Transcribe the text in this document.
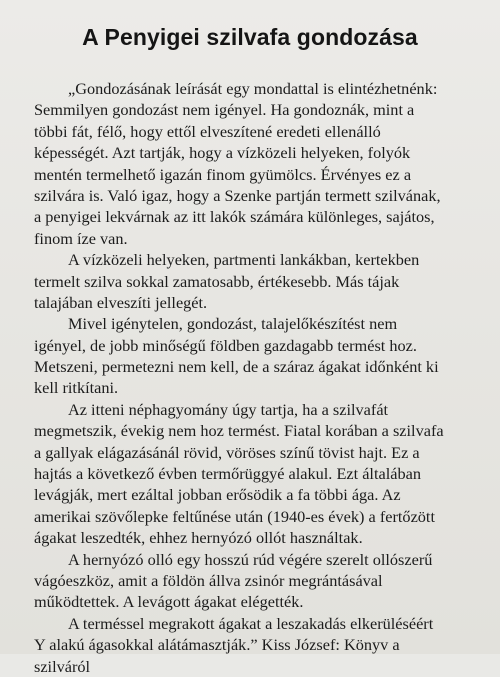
A Penyigei szilvafa gondozása
„Gondozásának leírását egy mondattal is elintézhetnénk:
Semmilyen gondozást nem igényel. Ha gondoznák, mint a
többi fát, félő, hogy ettől elveszítené eredeti ellenálló
képességét. Azt tartják, hogy a vízközeli helyeken, folyók
mentén termelhető igazán finom gyümölcs. Érvényes ez a
szilvára is. Való igaz, hogy a Szenke partján termett szilvának,
a penyigei lekvárnak az itt lakók számára különleges, sajátos,
finom íze van.
A vízközeli helyeken, partmenti lankákban, kertekben
termelt szilva sokkal zamatosabb, értékesebb. Más tájak
talajában elveszíti jellegét.
Mivel igénytelen, gondozást, talajelőkészítést nem
igényel, de jobb minőségű földben gazdagabb termést hoz.
Metszeni, permetezni nem kell, de a száraz ágakat időnként ki
kell ritkítani.
Az itteni néphagyomány úgy tartja, ha a szilvafát
megmetszik, évekig nem hoz termést. Fiatal korában a szilvafa
a gallyak elágazásánál rövid, vöröses színű tövist hajt. Ez a
hajtás a következő évben termőrüggyé alakul. Ezt általában
levágják, mert ezáltal jobban erősödik a fa többi ága. Az
amerikai szövőlepke feltűnése után (1940-es évek) a fertőzött
ágakat leszedték, ehhez hernyózó ollót használtak.
A hernyózó olló egy hosszú rúd végére szerelt ollószerű
vágóeszköz, amit a földön állva zsinór megrántásával
működtettek. A levágott ágakat elégették.
A terméssel megrakott ágakat a leszakadás elkerüléséért
Y alakú ágasokkal alátámasztják.” Kiss József: Könyv a
szilváról
